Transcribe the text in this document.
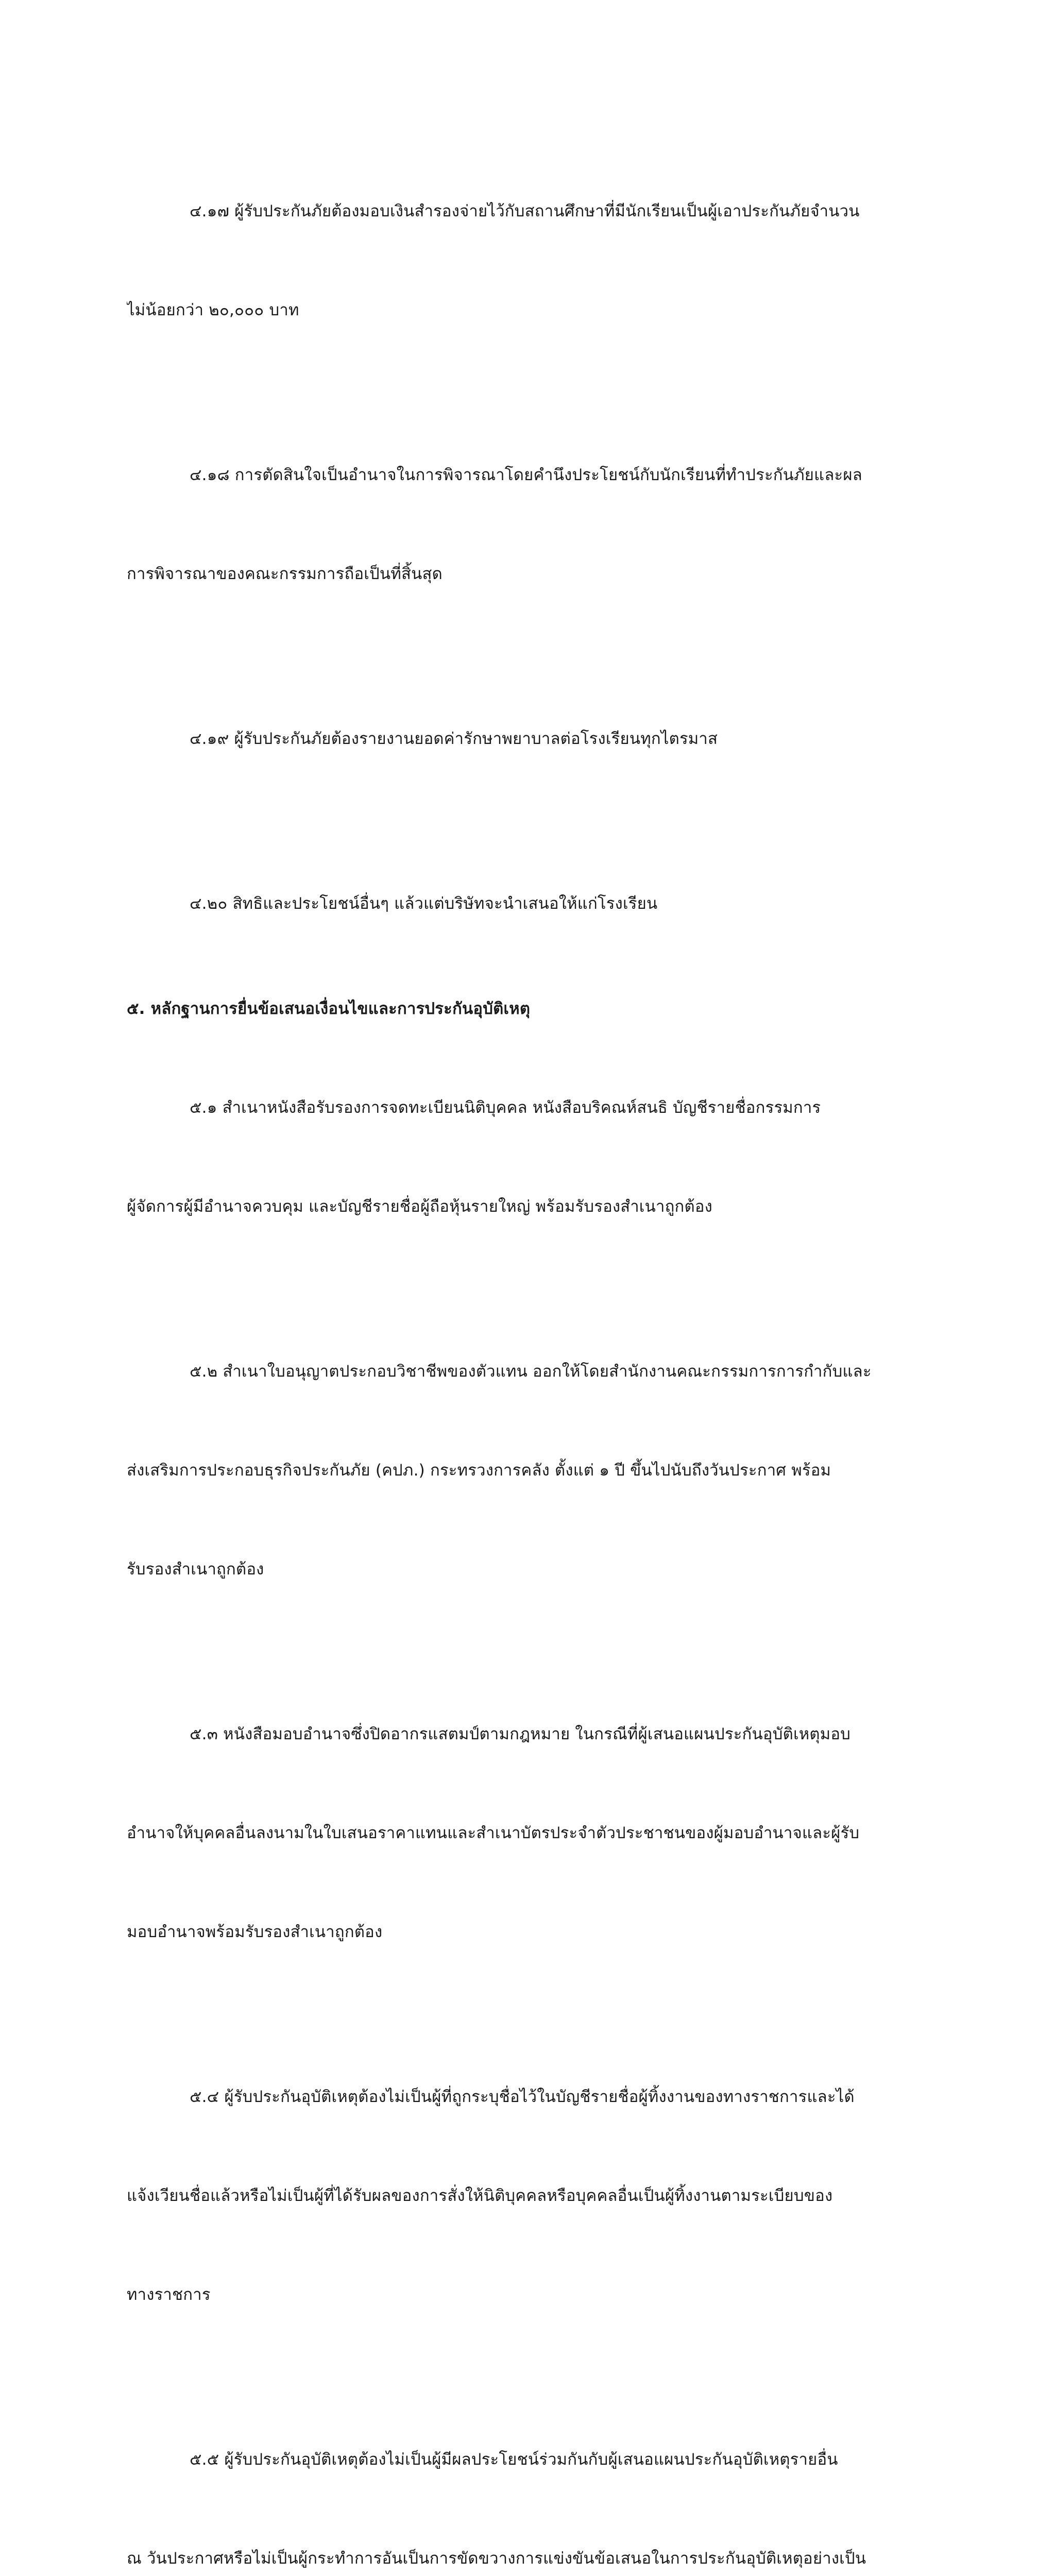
๔.๑๗ ผู้รับประกันภัยต้องมอบเงินสำรองจ่ายไว้กับสถานศึกษาที่มีนักเรียนเป็นผู้เอาประกันภัยจำนวน

ไม่น้อยกว่า ๒๐,๐๐๐ บาท

๔.๑๘ การตัดสินใจเป็นอำนาจในการพิจารณาโดยคำนึงประโยชน์กับนักเรียนที่ทำประกันภัยและผล

การพิจารณาของคณะกรรมการถือเป็นที่สิ้นสุด

๔.๑๙ ผู้รับประกันภัยต้องรายงานยอดค่ารักษาพยาบาลต่อโรงเรียนทุกไตรมาส

๔.๒๐ สิทธิและประโยชน์อื่นๆ แล้วแต่บริษัทจะนำเสนอให้แก่โรงเรียน

๕. หลักฐานการยื่นข้อเสนอเงื่อนไขและการประกันอุบัติเหตุ

๕.๑ สำเนาหนังสือรับรองการจดทะเบียนนิติบุคคล หนังสือบริคณห์สนธิ บัญชีรายชื่อกรรมการ

ผู้จัดการผู้มีอำนาจควบคุม และบัญชีรายชื่อผู้ถือหุ้นรายใหญ่ พร้อมรับรองสำเนาถูกต้อง

๕.๒ สำเนาใบอนุญาตประกอบวิชาชีพของตัวแทน ออกให้โดยสำนักงานคณะกรรมการการกำกับและ

ส่งเสริมการประกอบธุรกิจประกันภัย (คปภ.) กระทรวงการคลัง ตั้งแต่ ๑ ปี ขึ้นไปนับถึงวันประกาศ พร้อม

รับรองสำเนาถูกต้อง

๕.๓ หนังสือมอบอำนาจซึ่งปิดอากรแสตมป์ตามกฎหมาย ในกรณีที่ผู้เสนอแผนประกันอุบัติเหตุมอบ

อำนาจให้บุคคลอื่นลงนามในใบเสนอราคาแทนและสำเนาบัตรประจำตัวประชาชนของผู้มอบอำนาจและผู้รับ

มอบอำนาจพร้อมรับรองสำเนาถูกต้อง

๕.๔ ผู้รับประกันอุบัติเหตุต้องไม่เป็นผู้ที่ถูกระบุชื่อไว้ในบัญชีรายชื่อผู้ทิ้งงานของทางราชการและได้

แจ้งเวียนชื่อแล้วหรือไม่เป็นผู้ที่ได้รับผลของการสั่งให้นิติบุคคลหรือบุคคลอื่นเป็นผู้ทิ้งงานตามระเบียบของ

ทางราชการ

๕.๕ ผู้รับประกันอุบัติเหตุต้องไม่เป็นผู้มีผลประโยชน์ร่วมกันกับผู้เสนอแผนประกันอุบัติเหตุรายอื่น

ณ วันประกาศหรือไม่เป็นผู้กระทำการอันเป็นการขัดขวางการแข่งขันข้อเสนอในการประกันอุบัติเหตุอย่างเป็น
